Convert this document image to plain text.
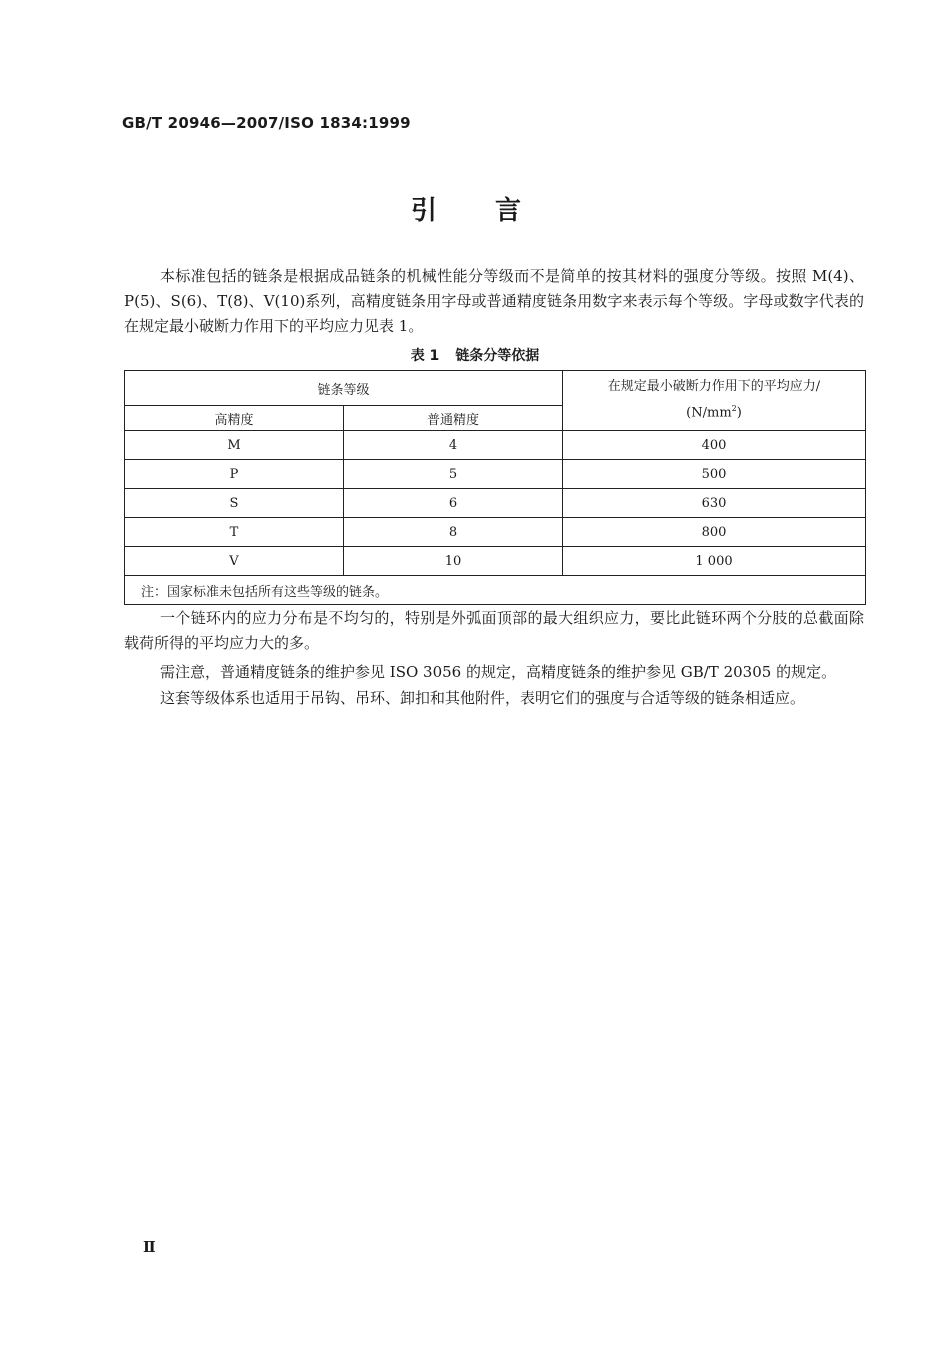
GB/T 20946—2007/ISO 1834:1999
引言

本标准包括的链条是根据成品链条的机械性能分等级而不是简单的按其材料的强度分等级。按照 M(4)、P(5)、S(6)、T(8)、V(10)系列，高精度链条用字母或普通精度链条用数字来表示每个等级。字母或数字代表的在规定最小破断力作用下的平均应力见表 1。

表 1 链条分等依据
链条等级		在规定最小破断力作用下的平均应力/
$(N/mm^2)$
高精度	普通精度	
M	4	400
P	5	500
S	6	630
T	8	800
V	10	1 000
注：国家标准未包括所有这些等级的链条。		

一个链环内的应力分布是不均匀的，特别是外弧面顶部的最大组织应力，要比此链环两个分肢的总截面除载荷所得的平均应力大的多。

需注意，普通精度链条的维护参见 ISO 3056 的规定，高精度链条的维护参见 GB/T 20305 的规定。

这套等级体系也适用于吊钩、吊环、卸扣和其他附件，表明它们的强度与合适等级的链条相适应。

Ⅱ
